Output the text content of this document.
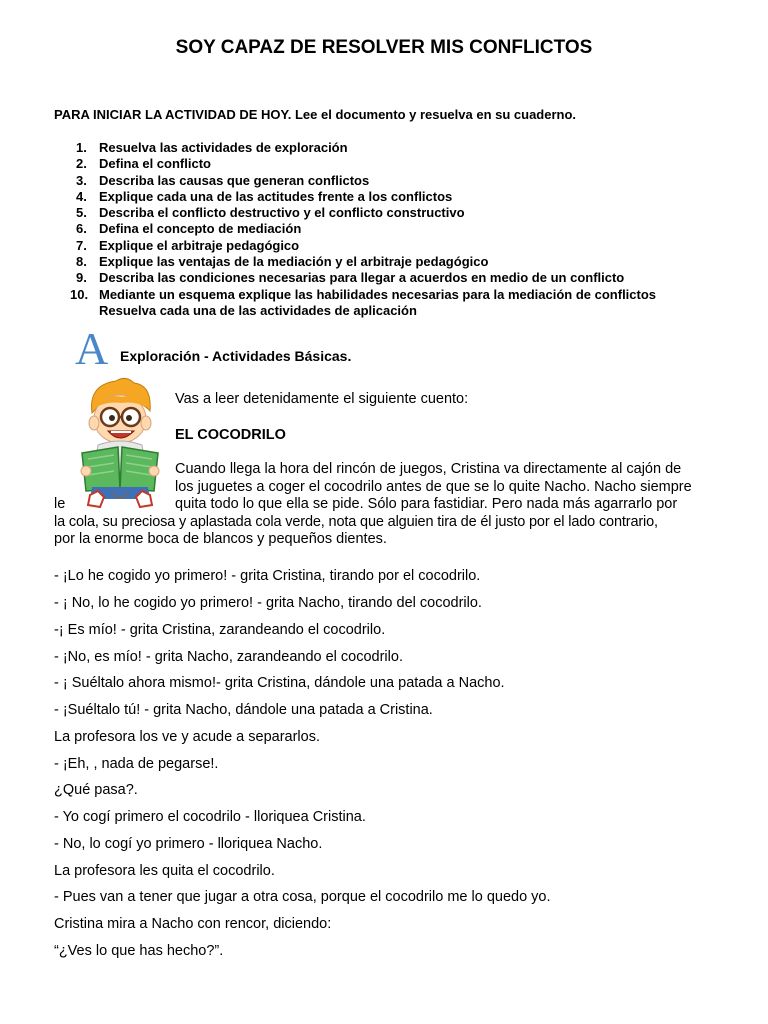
SOY CAPAZ DE RESOLVER MIS CONFLICTOS
PARA INICIAR LA ACTIVIDAD DE HOY. Lee el documento y resuelva en su cuaderno.
1. Resuelva las actividades de exploración
2. Defina el conflicto
3. Describa las causas que generan conflictos
4. Explique cada una de las actitudes frente a los conflictos
5. Describa el conflicto destructivo y el conflicto constructivo
6. Defina el concepto de mediación
7. Explique el arbitraje pedagógico
8. Explique las ventajas de la mediación y el arbitraje pedagógico
9. Describa las condiciones necesarias para llegar a acuerdos en medio de un conflicto
10. Mediante un esquema explique las habilidades necesarias para la mediación de conflictos
Resuelva cada una de las actividades de aplicación
A Exploración - Actividades Básicas.
Vas a leer detenidamente el siguiente cuento:
EL COCODRILO
Cuando llega la hora del rincón de juegos, Cristina va directamente al cajón de
los juguetes a coger el cocodrilo antes de que se lo quite Nacho. Nacho siempre
le	quita todo lo que ella se pide. Sólo para fastidiar. Pero nada más agarrarlo por
la cola, su preciosa y aplastada cola verde, nota que alguien tira de él justo por el lado contrario,
por la enorme boca de blancos y pequeños dientes.
- ¡Lo he cogido yo primero! - grita Cristina, tirando por el cocodrilo.
- ¡ No, lo he cogido yo primero! - grita Nacho, tirando del cocodrilo.
-¡ Es mío! - grita Cristina, zarandeando el cocodrilo.
- ¡No, es mío! - grita Nacho, zarandeando el cocodrilo.
- ¡ Suéltalo ahora mismo!- grita Cristina, dándole una patada a Nacho.
- ¡Suéltalo tú! - grita Nacho, dándole una patada a Cristina.
La profesora los ve y acude a separarlos.
- ¡Eh, , nada de pegarse!.
¿Qué pasa?.
- Yo cogí primero el cocodrilo - lloriquea Cristina.
- No, lo cogí yo primero - lloriquea Nacho.
La profesora les quita el cocodrilo.
- Pues van a tener que jugar a otra cosa, porque el cocodrilo me lo quedo yo.
Cristina mira a Nacho con rencor, diciendo:
“¿Ves lo que has hecho?”.
